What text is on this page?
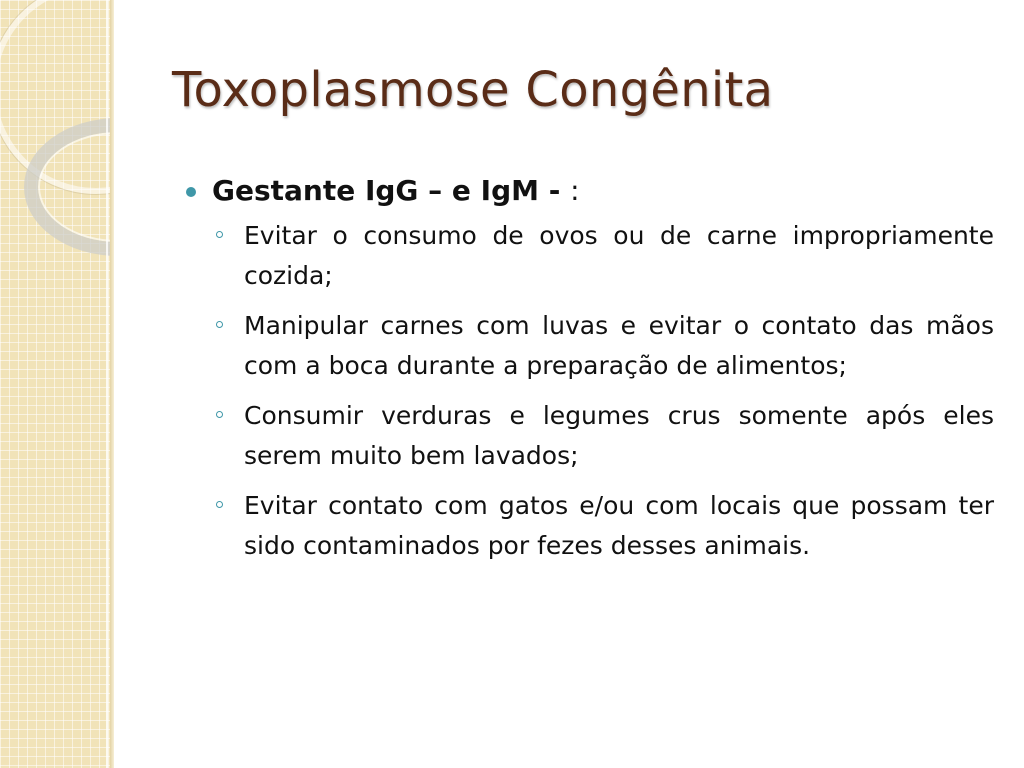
Toxoplasmose Congênita
Gestante IgG – e IgM - :
Evitar o consumo de ovos ou de carne impropriamente cozida;
Manipular carnes com luvas e evitar o contato das mãos com a boca durante a preparação de alimentos;
Consumir verduras e legumes crus somente após eles serem muito bem lavados;
Evitar contato com gatos e/ou com locais que possam ter sido contaminados por fezes desses animais.
